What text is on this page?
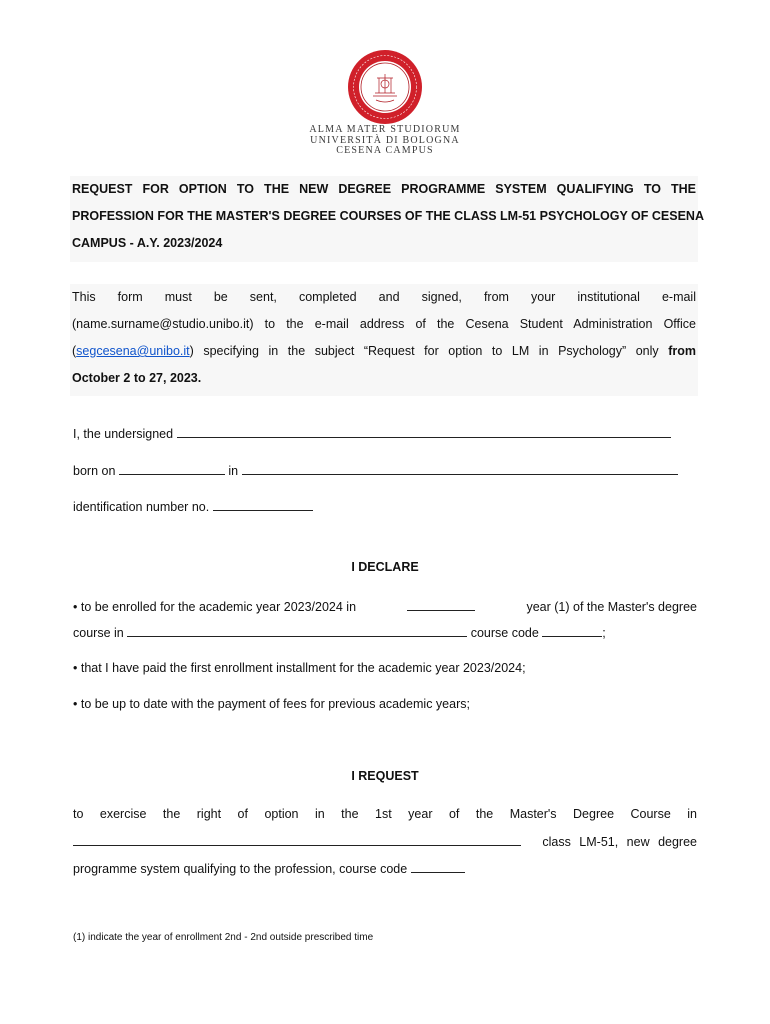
ALMA MATER STUDIORUM
UNIVERSITÀ DI BOLOGNA
CESENA CAMPUS
REQUEST FOR OPTION TO THE NEW DEGREE PROGRAMME SYSTEM QUALIFYING TO THE
PROFESSION FOR THE MASTER'S DEGREE COURSES OF THE CLASS LM-51 PSYCHOLOGY OF CESENA
CAMPUS - A.Y. 2023/2024
This form must be sent, completed and signed, from your institutional e-mail
(name.surname@studio.unibo.it) to the e-mail address of the Cesena Student Administration Office
(segcesena@unibo.it) specifying in the subject “Request for option to LM in Psychology” only from
October 2 to 27, 2023.
I, the undersigned
born on	in
identification number no.
I DECLARE
• to be enrolled for the academic year 2023/2024 in	year (1) of the Master's degree
course in	course code	;
• that I have paid the first enrollment installment for the academic year 2023/2024;
• to be up to date with the payment of fees for previous academic years;
I REQUEST
to exercise the right of option in the 1st year of the Master's Degree Course in
class LM-51, new degree
programme system qualifying to the profession, course code
(1) indicate the year of enrollment 2nd - 2nd outside prescribed time
